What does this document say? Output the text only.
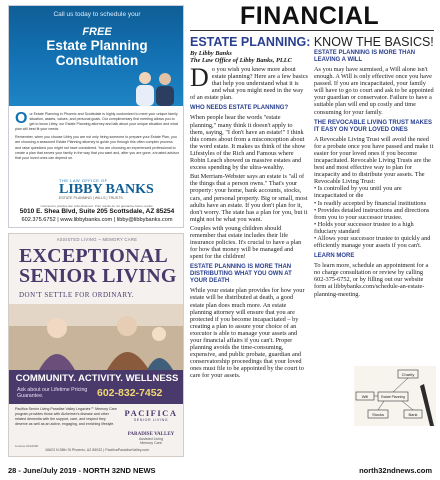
Call us today to schedule your
FREE
Estate Planning
Consultation

Our Estate Planning in Phoenix and Scottsdale is highly customized to meet your unique family situation, assets, values, and personal goals. Our complimentary first meeting allows you to get to know Libby, our Estate Planning attorney and talk about your unique situation and what plan will best fit your needs.

Remember, when you choose Libby you are not only hiring someone to prepare your Estate Plan, you are choosing a seasoned Estate Planning attorney to guide you through this often complex process and raise questions you might not have considered. You are choosing an experienced professional to create a plan that serves your family in the way that you want and, after you are gone, a trusted advisor that your loved ones can depend on.

THE LAW OFFICE OF
LIBBY BANKS
ESTATE PLANNING | WILLS | TRUSTS
Licensed to practice law. Advertisement. Prior results do not guarantee future results.
5010 E. Shea Blvd, Suite 205 Scottsdale, AZ 85254
602.375.6752 | www.libbybanks.com | libby@libbybanks.com
ASSISTED LIVING ~ MEMORY CARE
EXCEPTIONAL
SENIOR LIVING
DON'T SETTLE FOR ORDINARY.
COMMUNITY. ACTIVITY. WELLNESS
Ask about our Lifetime Pricing Guarantee.	602-832-7452
Pacifica Senior Living Paradise Valley Legacies℠ Memory Care program provides those with Alzheimer's disease and other related dementia with the support, care, and respect they deserve as well as an active, engaging, and enriching lifestyle.
License #AL0000
PACIFICA
SENIOR LIVING
PARADISE VALLEY
Assisted Living
Memory Care
16623 N 38th St Phoenix, AZ 85032 | PacificaParadiseValley.com
FINANCIAL
ESTATE PLANNING: KNOW THE BASICS!
By Libby Banks
The Law Office of Libby Banks, PLLC

Do you wish you knew more about estate planning? Here are a few basics that help you understand what it is and what you might need in the way of an estate plan.

WHO NEEDS ESTATE PLANNING?

When people hear the words "estate planning," many think it doesn't apply to them, saying, "I don't have an estate!" I think this comes about from a misconception about the word estate. It makes us think of the show Lifestyles of the Rich and Famous where Robin Leach showed us massive estates and excess spending by the ultra-wealthy.

But Merriam-Webster says an estate is "all of the things that a person owns." That's your property: your home, bank accounts, stocks, cars, and personal property. Big or small, most adults have an estate. If you don't plan for it, don't worry. The state has a plan for you, but it might not be what you want.

Couples with young children should remember that estate includes their life insurance policies. It's crucial to have a plan for how that money will be managed and spent for the children!

ESTATE PLANNING IS MORE THAN DISTRIBUTING WHAT YOU OWN AT YOUR DEATH

While your estate plan provides for how your estate will be distributed at death, a good estate plan does much more. An estate planning attorney will ensure that you are protected if you become incapacitated – by creating a plan to assure your choice of an executor is able to manage your assets and your financial affairs if you can't. Proper planning avoids the time-consuming, expensive, and public probate, guardian and conservatorship proceedings that your loved ones must file to be appointed by the court to care for your assets.

ESTATE PLANNING IS MORE THAN LEAVING A WILL

As you may have surmised, a Will alone isn't enough. A Will is only effective once you have passed. If you are incapacitated, your family will have to go to court and ask to be appointed your guardian or conservator. Failure to have a suitable plan will end up costly and time consuming for your family.

THE REVOCABLE LIVING TRUST MAKES IT EASY ON YOUR LOVED ONES

A Revocable Living Trust will avoid the need for a probate once you have passed and make it easier for your loved ones if you become incapacitated. Revocable Living Trusts are the best and most effective way to plan for incapacity and to distribute your assets. The Revocable Living Trust:

• Is controlled by you until you are incapacitated or die
• Is readily accepted by financial institutions
• Provides detailed instructions and directions from you to your successor trustee.
• Holds your successor trustee to a high fiduciary standard
• Allows your successor trustee to quickly and efficiently manage your assets if you can't.
LEARN MORE

To learn more, schedule an appointment for a no charge consultation or review by calling 602-375-6752, or by filling out our website form at libbybanks.com/schedule-an-estate-planning-meeting.

Will
Charity
Estate Planning
Stocks	Bank
28 - June/July 2019 - NORTH 32ND NEWS	north32ndnews.com
